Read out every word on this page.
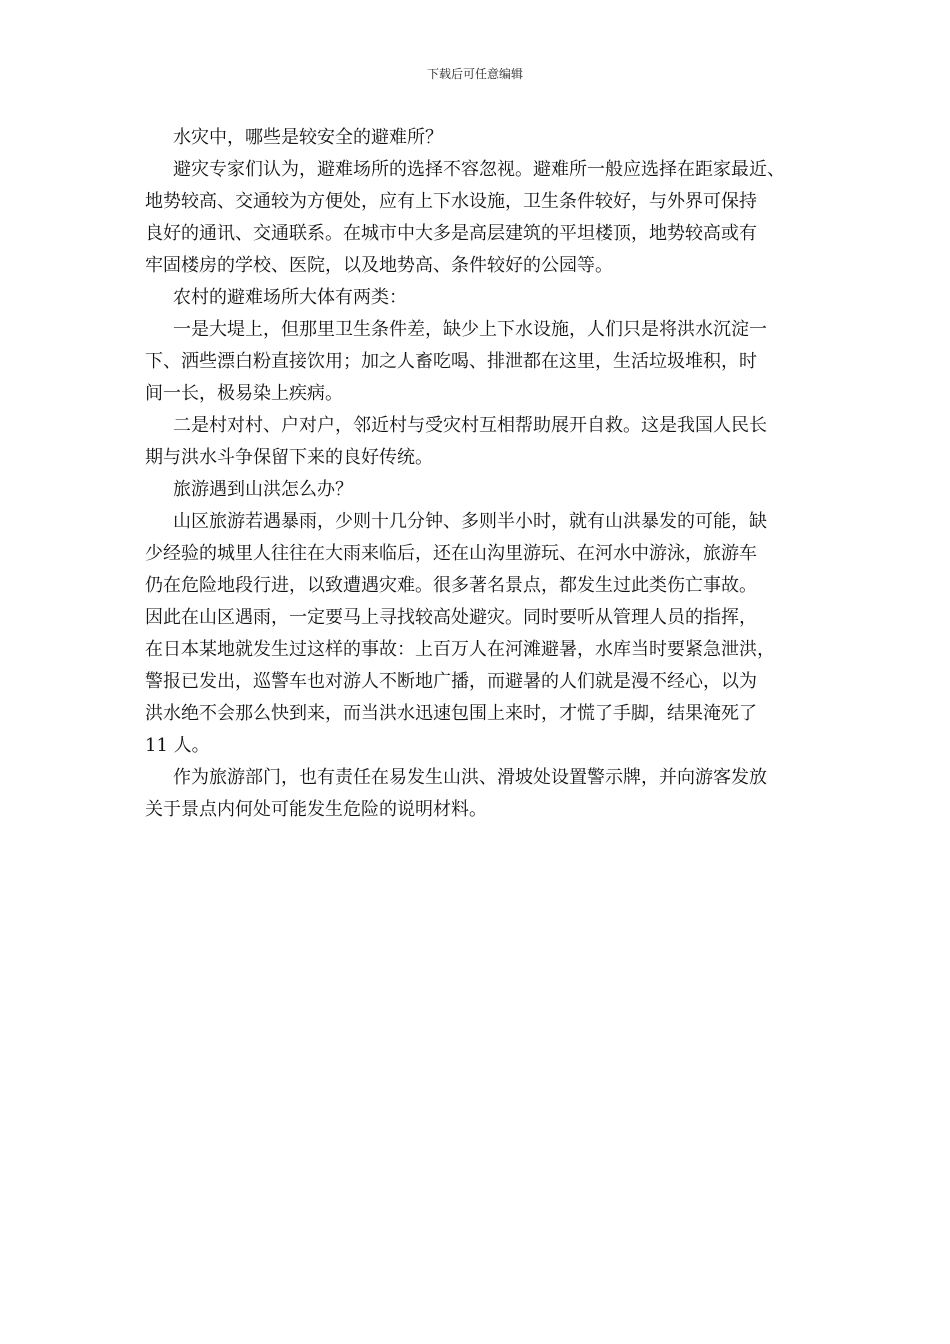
下载后可任意编辑
水灾中，哪些是较安全的避难所？
避灾专家们认为，避难场所的选择不容忽视。避难所一般应选择在距家最近、
地势较高、交通较为方便处，应有上下水设施，卫生条件较好，与外界可保持
良好的通讯、交通联系。在城市中大多是高层建筑的平坦楼顶，地势较高或有
牢固楼房的学校、医院，以及地势高、条件较好的公园等。
农村的避难场所大体有两类：
一是大堤上，但那里卫生条件差，缺少上下水设施，人们只是将洪水沉淀一
下、洒些漂白粉直接饮用；加之人畜吃喝、排泄都在这里，生活垃圾堆积，时
间一长，极易染上疾病。
二是村对村、户对户，邻近村与受灾村互相帮助展开自救。这是我国人民长
期与洪水斗争保留下来的良好传统。
旅游遇到山洪怎么办？
山区旅游若遇暴雨，少则十几分钟、多则半小时，就有山洪暴发的可能，缺
少经验的城里人往往在大雨来临后，还在山沟里游玩、在河水中游泳，旅游车
仍在危险地段行进，以致遭遇灾难。很多著名景点，都发生过此类伤亡事故。
因此在山区遇雨，一定要马上寻找较高处避灾。同时要听从管理人员的指挥，
在日本某地就发生过这样的事故：上百万人在河滩避暑，水库当时要紧急泄洪，
警报已发出，巡警车也对游人不断地广播，而避暑的人们就是漫不经心，以为
洪水绝不会那么快到来，而当洪水迅速包围上来时，才慌了手脚，结果淹死了
11 人。
作为旅游部门，也有责任在易发生山洪、滑坡处设置警示牌，并向游客发放
关于景点内何处可能发生危险的说明材料。
